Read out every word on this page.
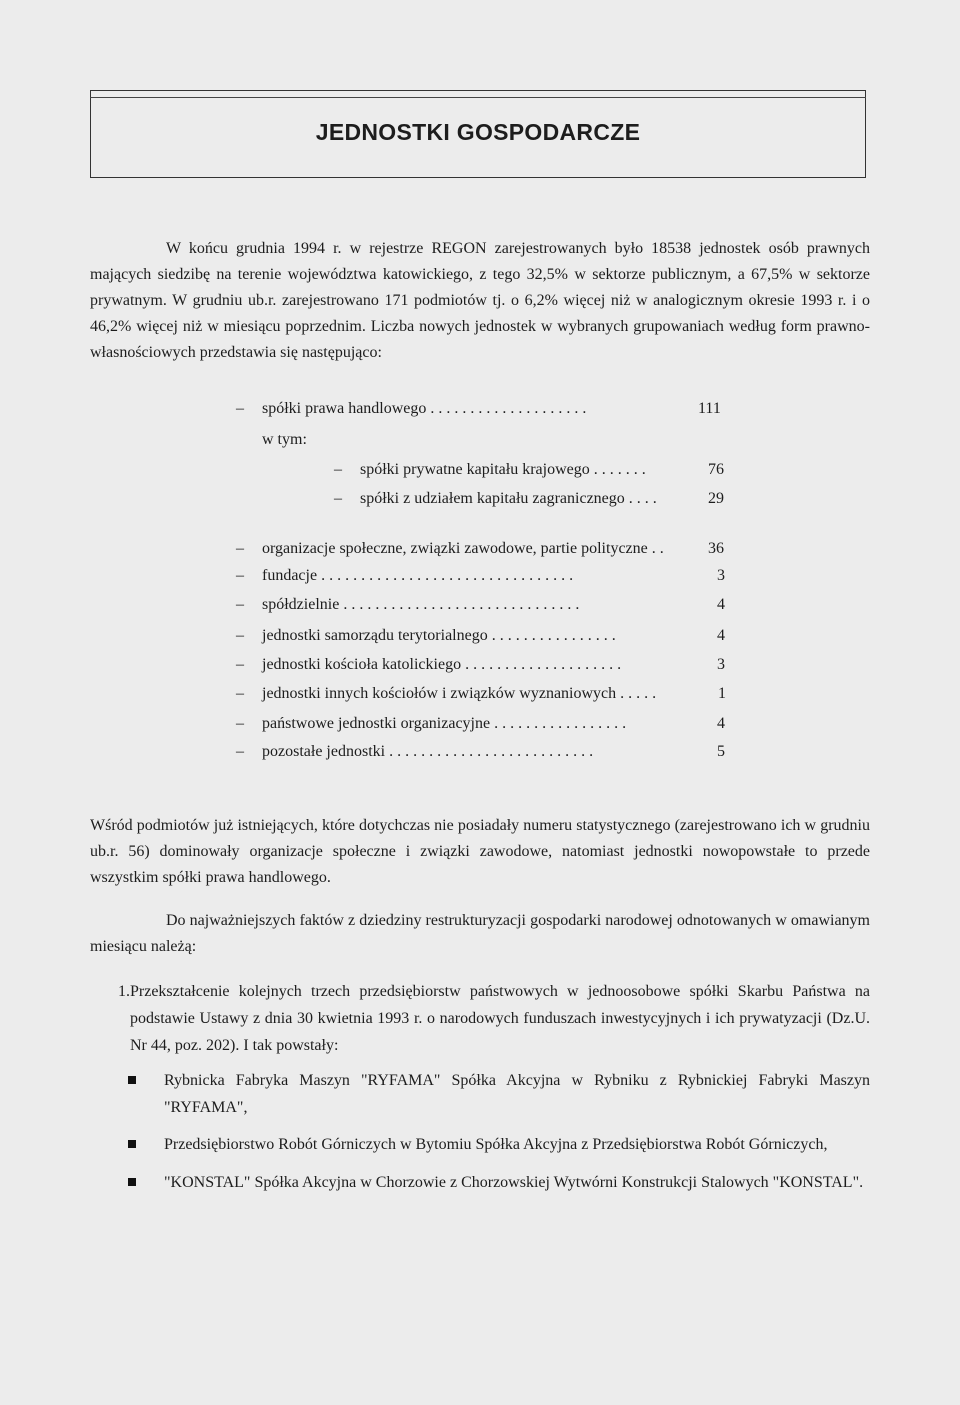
JEDNOSTKI GOSPODARCZE

W końcu grudnia 1994 r. w rejestrze REGON zarejestrowanych było 18538 jednostek osób prawnych mających siedzibę na terenie województwa katowickiego, z tego 32,5% w sektorze publicznym, a 67,5% w sektorze prywatnym. W grudniu ub.r. zarejestrowano 171 podmiotów tj. o 6,2% więcej niż w analogicznym okresie 1993 r. i o 46,2% więcej niż w miesiącu poprzednim. Liczba nowych jednostek w wybranych grupowaniach według form prawno-własnościowych przedstawia się następująco:

– spółki prawa handlowego . . . . . . . . . . . . . . . . . . . .	111
w tym:
– spółki prywatne kapitału krajowego . . . . . . .	76
– spółki z udziałem kapitału zagranicznego . . . .	29
– organizacje społeczne, związki zawodowe, partie polityczne . .	36
– fundacje . . . . . . . . . . . . . . . . . . . . . . . . . . . . . . . .	3
– spółdzielnie . . . . . . . . . . . . . . . . . . . . . . . . . . . . . .	4
– jednostki samorządu terytorialnego . . . . . . . . . . . . . . . .	4
– jednostki kościoła katolickiego . . . . . . . . . . . . . . . . . . . .	3
– jednostki innych kościołów i związków wyznaniowych . . . . .	1
– państwowe jednostki organizacyjne . . . . . . . . . . . . . . . . .	4
– pozostałe jednostki . . . . . . . . . . . . . . . . . . . . . . . . . .	5

Wśród podmiotów już istniejących, które dotychczas nie posiadały numeru statystycznego (zarejestrowano ich w grudniu ub.r. 56) dominowały organizacje społeczne i związki zawodowe, natomiast jednostki nowopowstałe to przede wszystkim spółki prawa handlowego.

Do najważniejszych faktów z dziedziny restrukturyzacji gospodarki narodowej odnotowanych w omawianym miesiącu należą:

1. Przekształcenie kolejnych trzech przedsiębiorstw państwowych w jednoosobowe spółki Skarbu Państwa na podstawie Ustawy z dnia 30 kwietnia 1993 r. o narodowych funduszach inwestycyjnych i ich prywatyzacji (Dz.U. Nr 44, poz. 202). I tak powstały:
Rybnicka Fabryka Maszyn "RYFAMA" Spółka Akcyjna w Rybniku z Rybnickiej Fabryki Maszyn "RYFAMA",
Przedsiębiorstwo Robót Górniczych w Bytomiu Spółka Akcyjna z Przedsiębiorstwa Robót Górniczych,
"KONSTAL" Spółka Akcyjna w Chorzowie z Chorzowskiej Wytwórni Konstrukcji Stalowych "KONSTAL".
